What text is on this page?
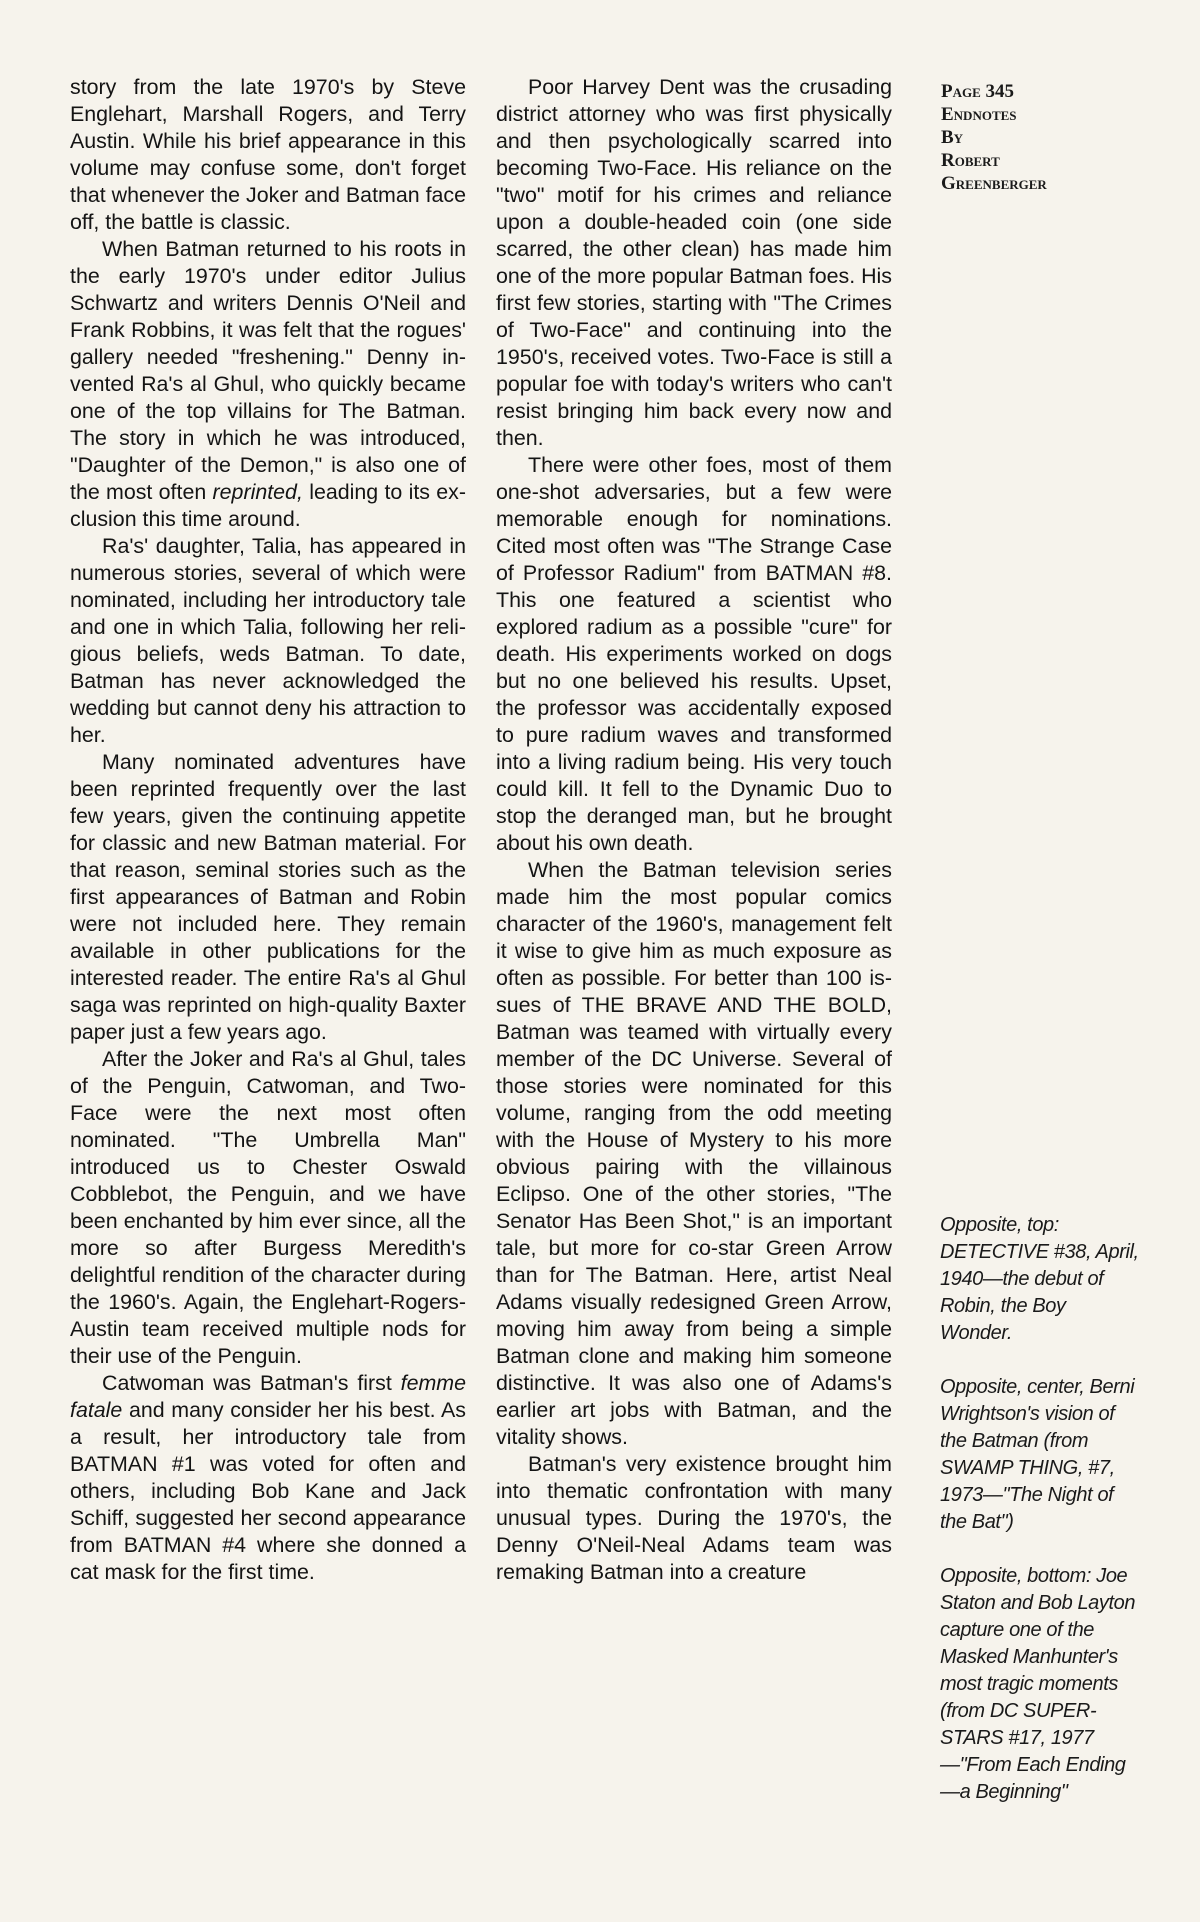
story from the late 1970's by Steve Englehart, Marshall Rogers, and Terry Austin. While his brief appearance in this volume may confuse some, don't forget that whenever the Joker and Batman face off, the battle is classic.

When Batman returned to his roots in the early 1970's under editor Julius Schwartz and writers Dennis O'Neil and Frank Robbins, it was felt that the rogues' gallery needed "freshening." Denny invented Ra's al Ghul, who quickly became one of the top villains for The Batman. The story in which he was introduced, "Daughter of the Demon," is also one of the most often reprinted, leading to its exclusion this time around.

Ra's' daughter, Talia, has appeared in numerous stories, several of which were nominated, including her introductory tale and one in which Talia, following her religious beliefs, weds Batman. To date, Batman has never acknowledged the wedding but cannot deny his attraction to her.

Many nominated adventures have been reprinted frequently over the last few years, given the continuing appetite for classic and new Batman material. For that reason, seminal stories such as the first appearances of Batman and Robin were not included here. They remain available in other publications for the interested reader. The entire Ra's al Ghul saga was reprinted on high-quality Baxter paper just a few years ago.

After the Joker and Ra's al Ghul, tales of the Penguin, Catwoman, and Two-Face were the next most often nominated. "The Umbrella Man" introduced us to Chester Oswald Cobblebot, the Penguin, and we have been enchanted by him ever since, all the more so after Burgess Meredith's delightful rendition of the character during the 1960's. Again, the Englehart-Rogers-Austin team received multiple nods for their use of the Penguin.

Catwoman was Batman's first femme fatale and many consider her his best. As a result, her introductory tale from BATMAN #1 was voted for often and others, including Bob Kane and Jack Schiff, suggested her second appearance from BATMAN #4 where she donned a cat mask for the first time.

Poor Harvey Dent was the crusading district attorney who was first physically and then psychologically scarred into becoming Two-Face. His reliance on the "two" motif for his crimes and reliance upon a double-headed coin (one side scarred, the other clean) has made him one of the more popular Batman foes. His first few stories, starting with "The Crimes of Two-Face" and continuing into the 1950's, received votes. Two-Face is still a popular foe with today's writers who can't resist bringing him back every now and then.

There were other foes, most of them one-shot adversaries, but a few were memorable enough for nominations. Cited most often was "The Strange Case of Professor Radium" from BATMAN #8. This one featured a scientist who explored radium as a possible "cure" for death. His experiments worked on dogs but no one believed his results. Upset, the professor was accidentally exposed to pure radium waves and transformed into a living radium being. His very touch could kill. It fell to the Dynamic Duo to stop the deranged man, but he brought about his own death.

When the Batman television series made him the most popular comics character of the 1960's, management felt it wise to give him as much exposure as often as possible. For better than 100 issues of THE BRAVE AND THE BOLD, Batman was teamed with virtually every member of the DC Universe. Several of those stories were nominated for this volume, ranging from the odd meeting with the House of Mystery to his more obvious pairing with the villainous Eclipso. One of the other stories, "The Senator Has Been Shot," is an important tale, but more for co-star Green Arrow than for The Batman. Here, artist Neal Adams visually redesigned Green Arrow, moving him away from being a simple Batman clone and making him someone distinctive. It was also one of Adams's earlier art jobs with Batman, and the vitality shows.

Batman's very existence brought him into thematic confrontation with many unusual types. During the 1970's, the Denny O'Neil-Neal Adams team was remaking Batman into a creature

Page 345
Endnotes
By
Robert
Greenberger

Opposite, top: DETECTIVE #38, April, 1940—the debut of Robin, the Boy Wonder.

Opposite, center, Berni Wrightson's vision of the Batman (from SWAMP THING, #7, 1973—"The Night of the Bat")

Opposite, bottom: Joe Staton and Bob Layton capture one of the Masked Manhunter's most tragic moments (from DC SUPER-STARS #17, 1977—"From Each Ending —a Beginning"
